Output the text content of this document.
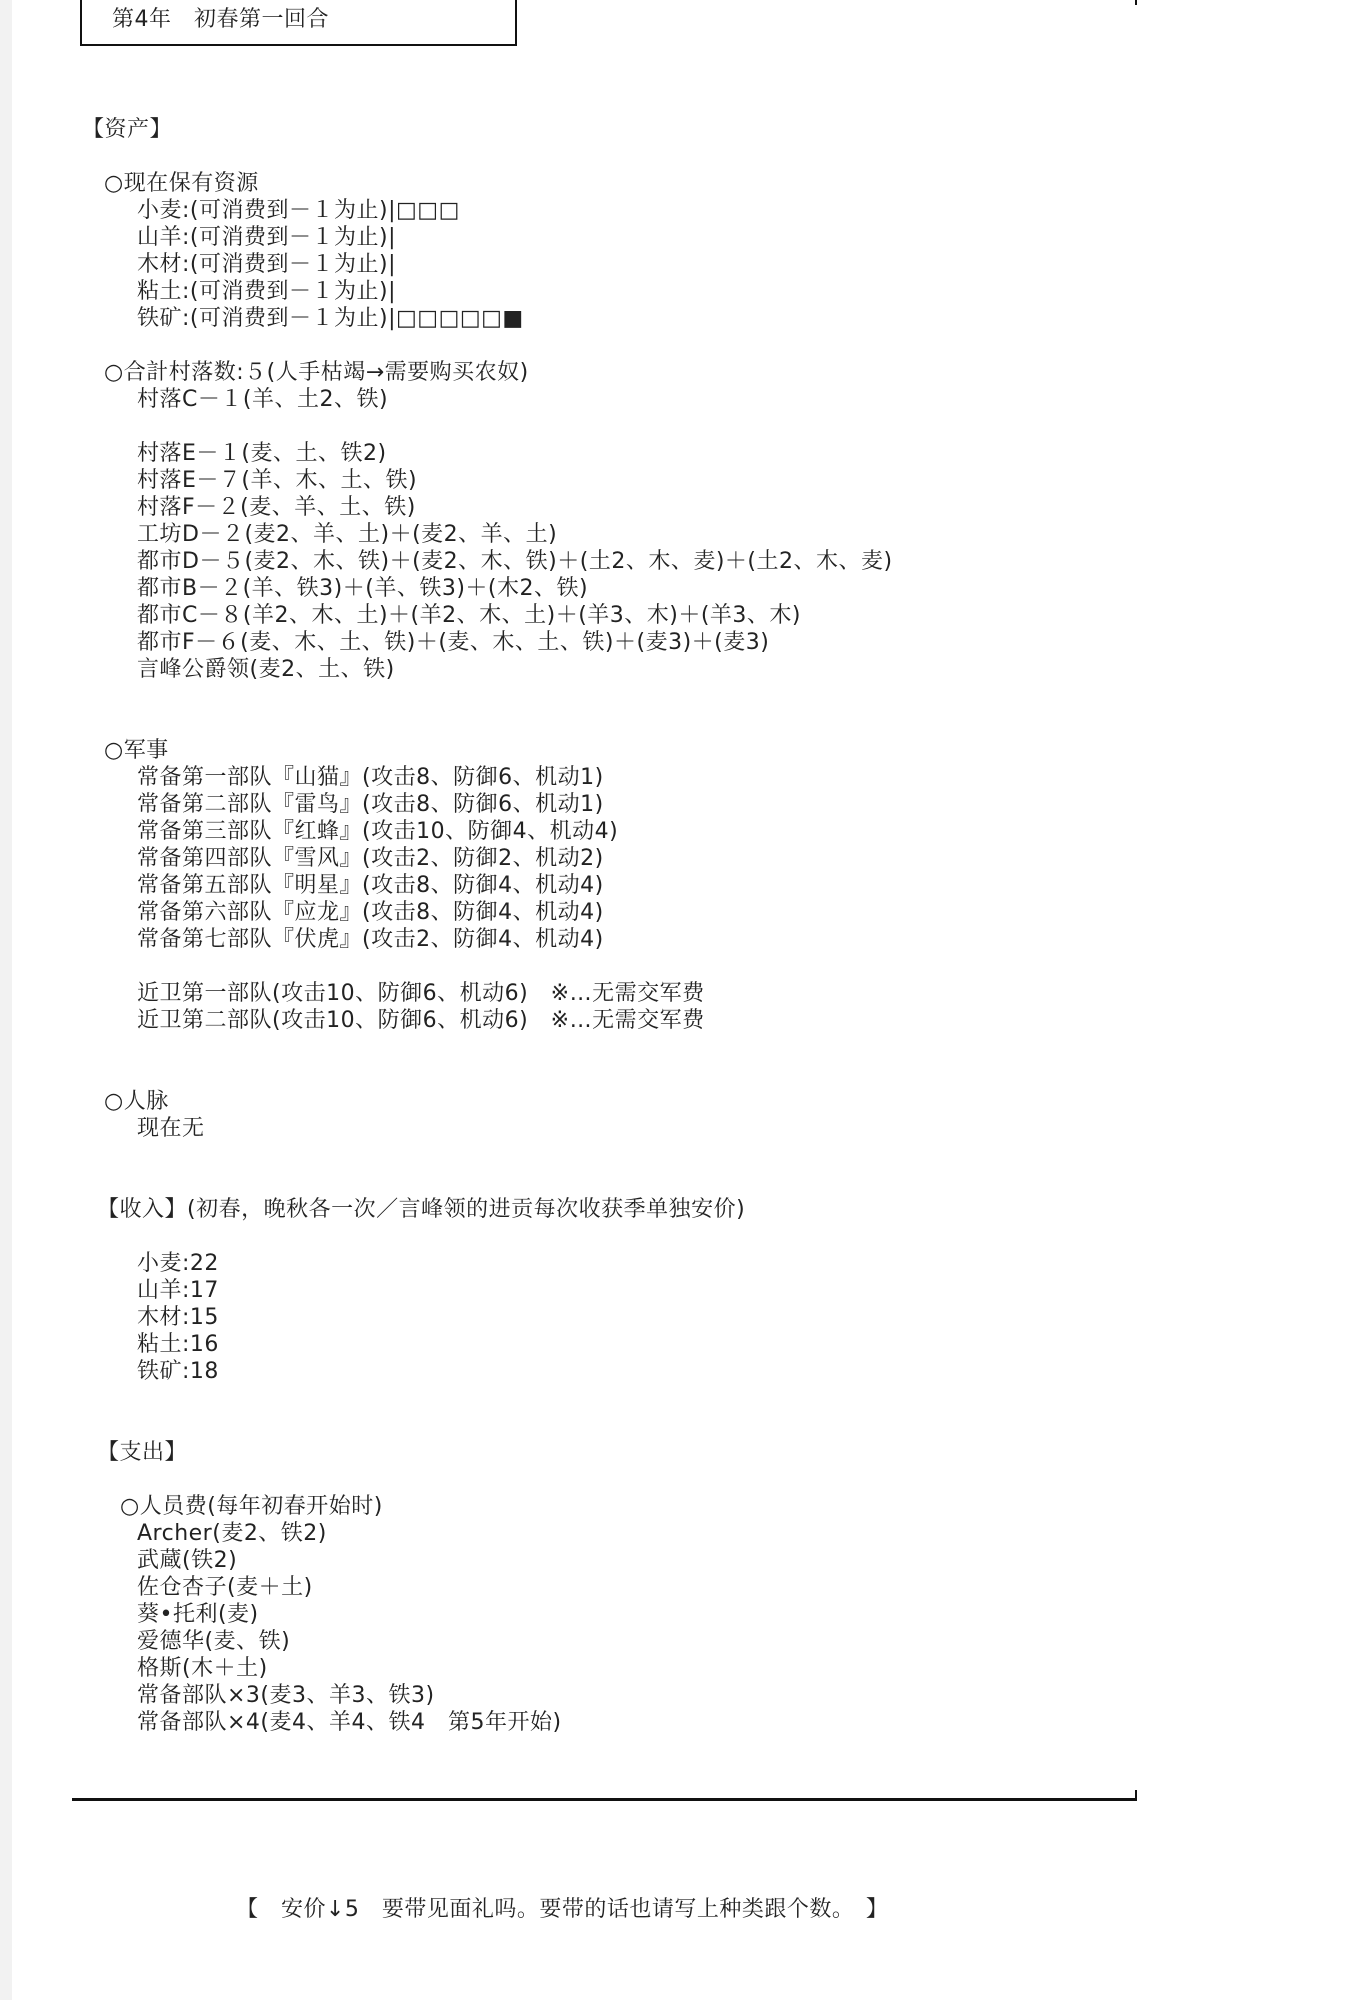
第4年　初春第一回合
【资产】
○现在保有资源
小麦:(可消费到－１为止)|□□□
山羊:(可消费到－１为止)|
木材:(可消费到－１为止)|
粘土:(可消费到－１为止)|
铁矿:(可消费到－１为止)|□□□□□■
○合計村落数:５(人手枯竭→需要购买农奴)
村落C－１(羊、土2、铁)
村落E－１(麦、土、铁2)
村落E－７(羊、木、土、铁)
村落F－２(麦、羊、土、铁)
工坊D－２(麦2、羊、土)＋(麦2、羊、土)
都市D－５(麦2、木、铁)＋(麦2、木、铁)＋(土2、木、麦)＋(土2、木、麦)
都市B－２(羊、铁3)＋(羊、铁3)＋(木2、铁)
都市C－８(羊2、木、土)＋(羊2、木、土)＋(羊3、木)＋(羊3、木)
都市F－６(麦、木、土、铁)＋(麦、木、土、铁)＋(麦3)＋(麦3)
言峰公爵领(麦2、土、铁)
○军事
常备第一部队『山猫』(攻击8、防御6、机动1)
常备第二部队『雷鸟』(攻击8、防御6、机动1)
常备第三部队『红蜂』(攻击10、防御4、机动4)
常备第四部队『雪风』(攻击2、防御2、机动2)
常备第五部队『明星』(攻击8、防御4、机动4)
常备第六部队『应龙』(攻击8、防御4、机动4)
常备第七部队『伏虎』(攻击2、防御4、机动4)
近卫第一部队(攻击10、防御6、机动6)　※…无需交军费
近卫第二部队(攻击10、防御6、机动6)　※…无需交军费
○人脉
现在无
【收入】(初春，晚秋各一次／言峰领的进贡每次收获季单独安价)
小麦:22
山羊:17
木材:15
粘土:16
铁矿:18
【支出】
○人员费(每年初春开始时)
Archer(麦2、铁2)
武蔵(铁2)
佐仓杏子(麦＋土)
葵•托利(麦)
爱德华(麦、铁)
格斯(木＋土)
常备部队×3(麦3、羊3、铁3)
常备部队×4(麦4、羊4、铁4　第5年开始)
【　安价↓5　要带见面礼吗。要带的话也请写上种类跟个数。　】
